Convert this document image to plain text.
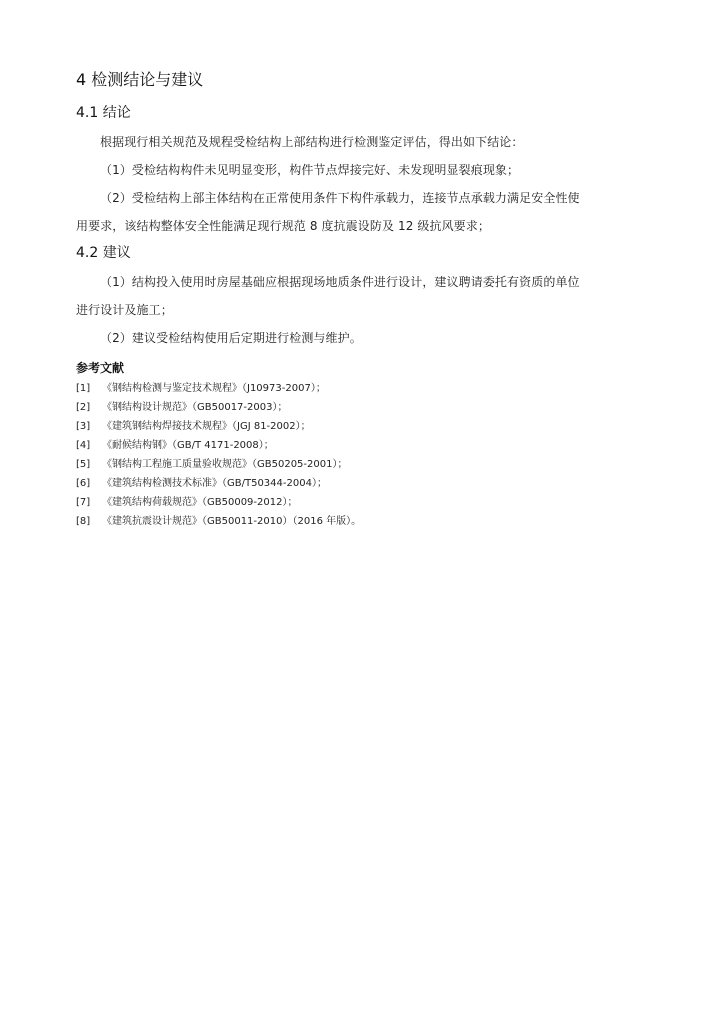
4 检测结论与建议
4.1 结论

根据现行相关规范及规程受检结构上部结构进行检测鉴定评估，得出如下结论：

（1）受检结构构件未见明显变形，构件节点焊接完好、未发现明显裂痕现象；

（2）受检结构上部主体结构在正常使用条件下构件承载力，连接节点承载力满足安全性使

用要求，该结构整体安全性能满足现行规范 8 度抗震设防及 12 级抗风要求；

4.2 建议

（1）结构投入使用时房屋基础应根据现场地质条件进行设计，建议聘请委托有资质的单位

进行设计及施工；

（2）建议受检结构使用后定期进行检测与维护。

参考文献

[1] 《钢结构检测与鉴定技术规程》（J10973-2007）；

[2] 《钢结构设计规范》（GB50017-2003）；

[3] 《建筑钢结构焊接技术规程》（JGJ 81-2002）；

[4] 《耐候结构钢》（GB/T 4171-2008）；

[5] 《钢结构工程施工质量验收规范》（GB50205-2001）；

[6] 《建筑结构检测技术标准》（GB/T50344-2004）；

[7] 《建筑结构荷载规范》（GB50009-2012）；

[8] 《建筑抗震设计规范》（GB50011-2010）（2016 年版）。
